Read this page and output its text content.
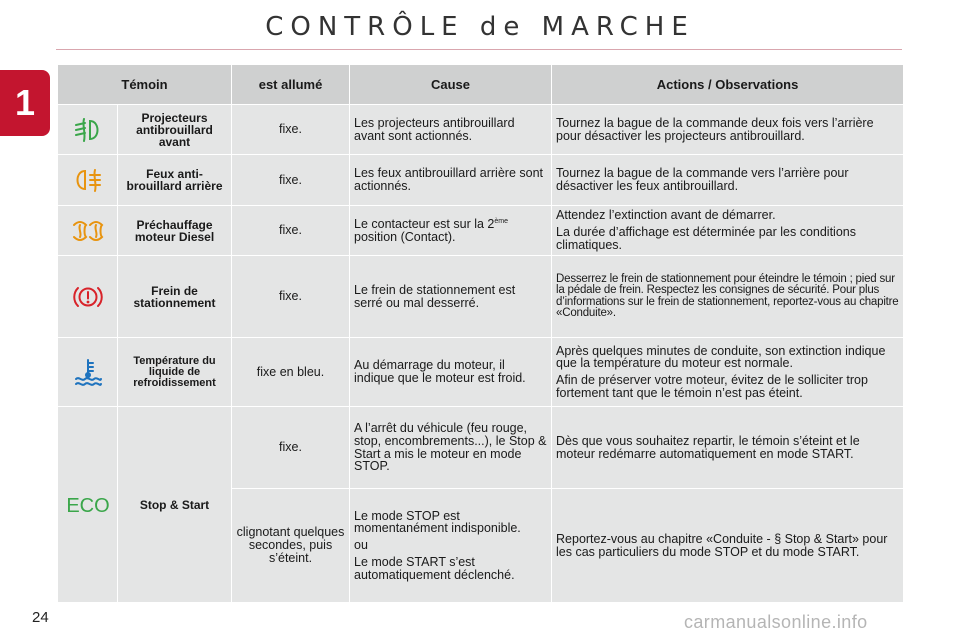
CONTRÔLE de MARCHE
1	Témoin		est allumé	Cause	Actions / Observations
	Projecteurs antibrouillard avant	fixe.	Les projecteurs antibrouillard avant sont actionnés.	Tournez la bague de la commande deux fois vers l’arrière pour désactiver les projecteurs antibrouillard.

	Feux anti-brouillard arrière	fixe.	Les feux antibrouillard arrière sont actionnés.	Tournez la bague de la commande vers l’arrière pour désactiver les feux antibrouillard.

	Préchauffage moteur Diesel	fixe.	Le contacteur est sur la 2ème position (Contact).	Attendez l’extinction avant de démarrer.
La durée d’affichage est déterminée par les conditions climatiques.

	Frein de stationnement	fixe.	Le frein de stationnement est serré ou mal desserré.	Desserrez le frein de stationnement pour éteindre le témoin ; pied sur la pédale de frein. Respectez les consignes de sécurité. Pour plus d’informations sur le frein de stationnement, reportez-vous au chapitre «Conduite».

	Température du liquide de refroidissement	fixe en bleu.	Au démarrage du moteur, il indique que le moteur est froid.	Après quelques minutes de conduite, son extinction indique que la température du moteur est normale.
Afin de préserver votre moteur, évitez de le solliciter trop fortement tant que le témoin n’est pas éteint.

ECO	Stop & Start	fixe.	A l’arrêt du véhicule (feu rouge, stop, encombrements...), le Stop & Start a mis le moteur en mode STOP.	Dès que vous souhaitez repartir, le témoin s’éteint et le moteur redémarre automatiquement en mode START.
		clignotant quelques secondes, puis s’éteint.	Le mode STOP est momentanément indisponible.
ou
Le mode START s’est automatiquement déclenché.	Reportez-vous au chapitre «Conduite - § Stop & Start» pour les cas particuliers du mode STOP et du mode START.
24	carmanualsonline.info
